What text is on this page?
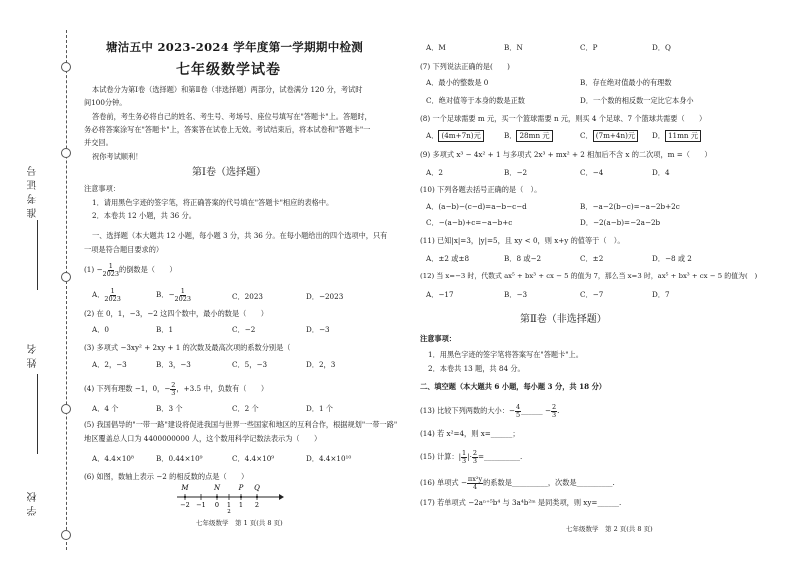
准考证号
姓名
学校
塘沽五中 2023-2024 学年度第一学期期中检测
七年级数学试卷
本试卷分为第Ⅰ卷（选择题）和第Ⅱ卷（非选择题）两部分，试卷满分 120 分，考试时
间100分钟。
答卷前，考生务必将自己的姓名、考生号、考场号、座位号填写在"答题卡"上。答题时，
务必将答案涂写在"答题卡"上，答案答在试卷上无效。考试结束后，将本试卷和"答题卡"一
并交回。
祝你考试顺利！
第Ⅰ卷（选择题）
注意事项：
1．请用黑色字迹的签字笔，将正确答案的代号填在"答题卡"相应的表格中。
2．本卷共 12 小题，共 36 分。
一、选择题（本大题共 12 小题，每小题 3 分，共 36 分。在每小题给出的四个选项中，只有
一项是符合题目要求的）
$(1) - \frac{1}{2023}$ 的倒数是（　　）
A． $\frac{1}{2023}$	B．− $\frac{1}{2023}$	C．2023	D．−2023
(2) 在 0，1，−3，−2 这四个数中，最小的数是（　　）
A．0	B．1	C．−2	D．−3
(3) 多项式 −3xy² + 2xy + 1 的次数及最高次项的系数分别是（
A．2，−3	B．3，−3	C．5，−3	D．2，3
(4) 下列有理数 −1，0，− $\frac{2}{3}$ ，+3.5 中，负数有（　　）
A．4 个	B．3 个	C．2 个	D．1 个
(5) 我国倡导的"一带一路"建设将促进我国与世界一些国家和地区的互利合作，根据规划"一带一路"
地区覆盖总人口为 4400000000 人，这个数用科学记数法表示为（　　）
A．4.4×10⁸	B．0.44×10⁹	C．4.4×10⁹	D．4.4×10¹⁰
(6) 如图，数轴上表示 −2 的相反数的点是（　　）
−2 −1 0 1
2
1 2
M	N	P Q
七年级数学　第 1 页(共 8 页)
A．M	B．N	C．P	D．Q
(7) 下列说法正确的是(　　)
A．最小的整数是 0	B．存在绝对值最小的有理数
C．绝对值等于本身的数是正数	D．一个数的相反数一定比它本身小
(8) 一个足球需要 m 元，买一个篮球需要 n 元，则买 4 个足球、7 个篮球共需要（　　）
A． (4m+7n)元	B． 28mn 元	C． (7m+4n)元	D． 11mn 元
(9) 多项式 x³ − 4x² + 1 与多项式 2x³ + mx² + 2 相加后不含 x 的二次项，m =（　　）
A．2	B．−2	C．−4	D．4
(10) 下列各题去括号正确的是（　）。
A．(a−b)−(c−d)=a−b−c−d	B．−a−2(b−c)=−a−2b+2c
C．−(a−b)+c=−a−b+c	D．−2(a−b)=−2a−2b
(11) 已知|x|=3，|y|=5，且 xy < 0，则 x+y 的值等于（　）。
A．±2 或±8	B．8 或−2	C．±2	D．−8 或 2
(12) 当 x=−3 时，代数式 ax⁵ + bx³ + cx − 5 的值为 7，那么当 x=3 时，ax⁵ + bx³ + cx − 5 的值为(　)
A．−17	B．−3	C．−7	D．7
第Ⅱ卷（非选择题）
注意事项：
1．用黑色字迹的签字笔将答案写在"答题卡"上。
2．本卷共 13 题，共 84 分。
二、填空题（本大题共 6 小题，每小题 3 分，共 18 分）
(13) 比较下列两数的大小：− $\frac{4}{5}$ ______ − $\frac{2}{3}$ .
(14) 若 x²=4，则 x=______；
(15) 计算：| $\frac{1}{3}$ |· $\frac{2}{3}$ =__________.
(16) 单项式 − $\frac{\text{πx²y}}{4}$ 的系数是__________，次数是__________.
(17) 若单项式 −2aⁿ⁺⁵b⁴ 与 3a⁴b²ᵐ 是同类项，则 xy=______.
七年级数学　第 2 页(共 8 页)
